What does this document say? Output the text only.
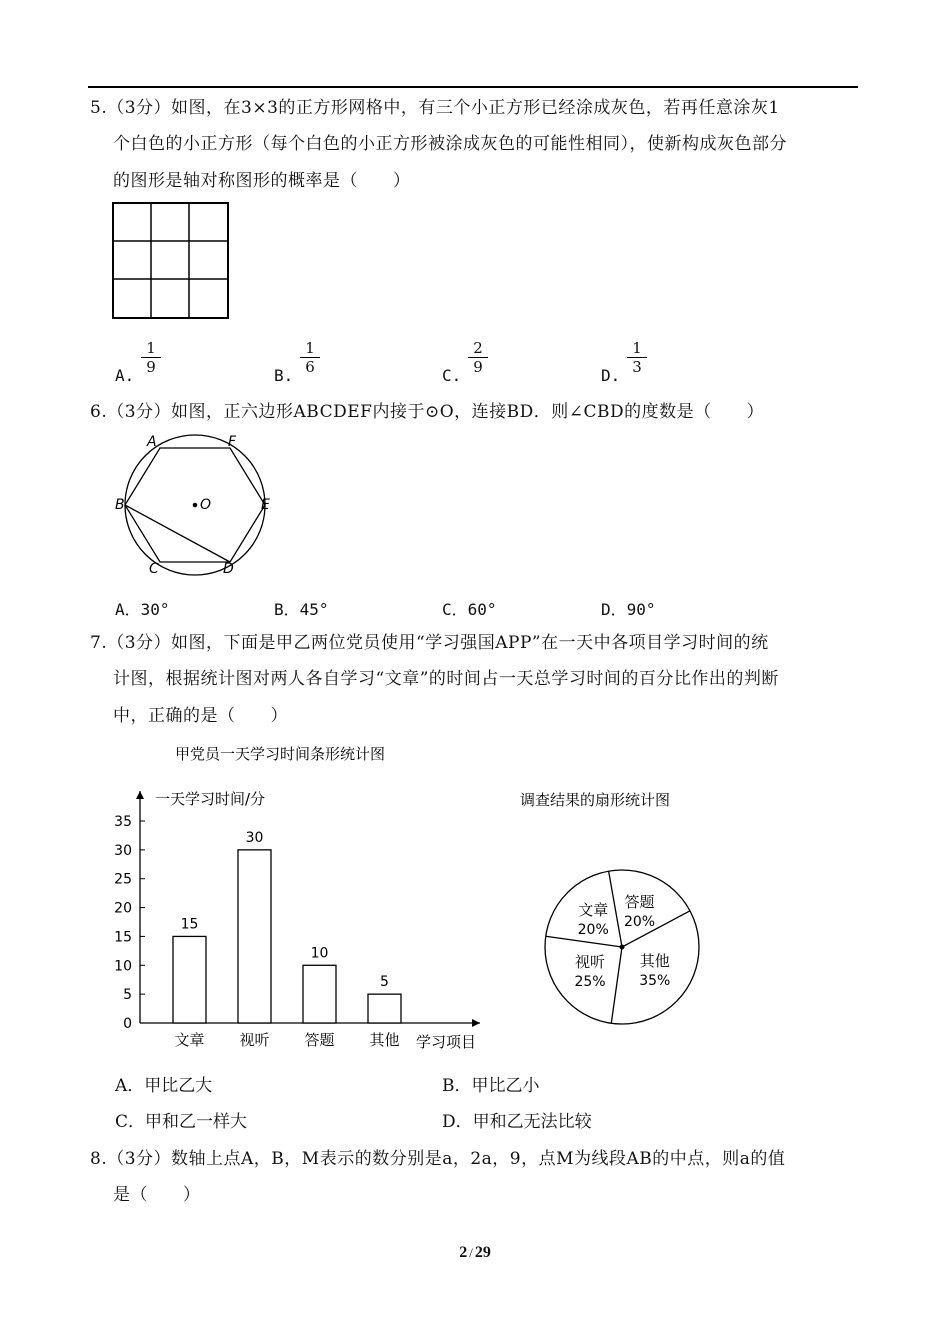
5.（3分）如图，在3×3的正方形网格中，有三个小正方形已经涂成灰色，若再任意涂灰1
个白色的小正方形（每个白色的小正方形被涂成灰色的可能性相同），使新构成灰色部分
的图形是轴对称图形的概率是（　　）
A. $\frac{1}{9}$	B. $\frac{1}{6}$	C. $\frac{2}{9}$	D. $\frac{1}{3}$
6.（3分）如图，正六边形ABCDEF内接于⊙O，连接BD．则∠CBD的度数是（　　）
A	F
B	O	E
C	D
A．30°	B．45°	C．60°	D．90°
7.（3分）如图，下面是甲乙两位党员使用“学习强国APP”在一天中各项目学习时间的统
计图，根据统计图对两人各自学习“文章”的时间占一天总学习时间的百分比作出的判断
中，正确的是（　　）
甲党员一天学习时间条形统计图
一天学习时间/分
学习项目
0
5
10
15
20
25
30
35
15
文章
30
视听
10
答题
5
其他
调查结果的扇形统计图
文章
20%
答题
20%
其他
35%
视听
25%
A．甲比乙大	B．甲比乙小
C．甲和乙一样大	D．甲和乙无法比较
8.（3分）数轴上点A，B，M表示的数分别是a，2a，9，点M为线段AB的中点，则a的值
是（　　）
2 / 29
